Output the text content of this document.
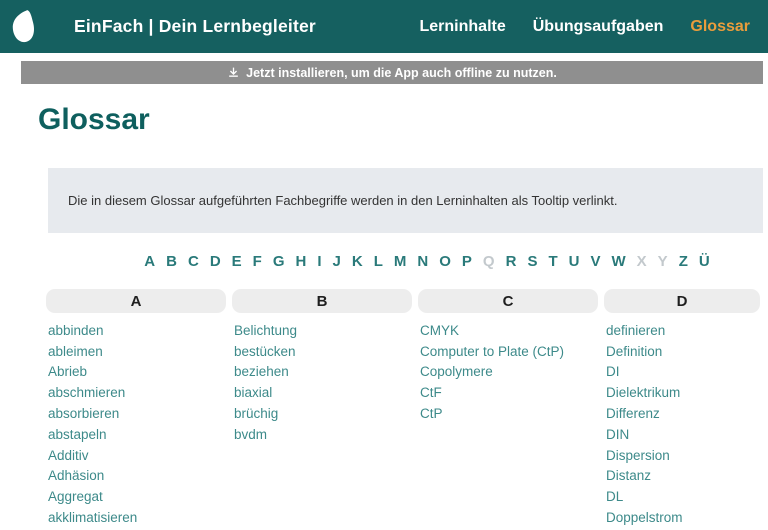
EinFach | Dein Lernbegleiter	Lerninhalte Übungsaufgaben Glossar
Jetzt installieren, um die App auch offline zu nutzen.
Glossar
Die in diesem Glossar aufgeführten Fachbegriffe werden in den Lerninhalten als Tooltip verlinkt.
A B C D E F G H I J K L M N O P Q R S T U V W X Y Z Ü
A
abbinden
ableimen
Abrieb
abschmieren
absorbieren
abstapeln
Additiv
Adhäsion
Aggregat
akklimatisieren
B
Belichtung
bestücken
beziehen
biaxial
brüchig
bvdm
C
CMYK
Computer to Plate (CtP)
Copolymere
CtF
CtP
D
definieren
Definition
DI
Dielektrikum
Differenz
DIN
Dispersion
Distanz
DL
Doppelstrom
